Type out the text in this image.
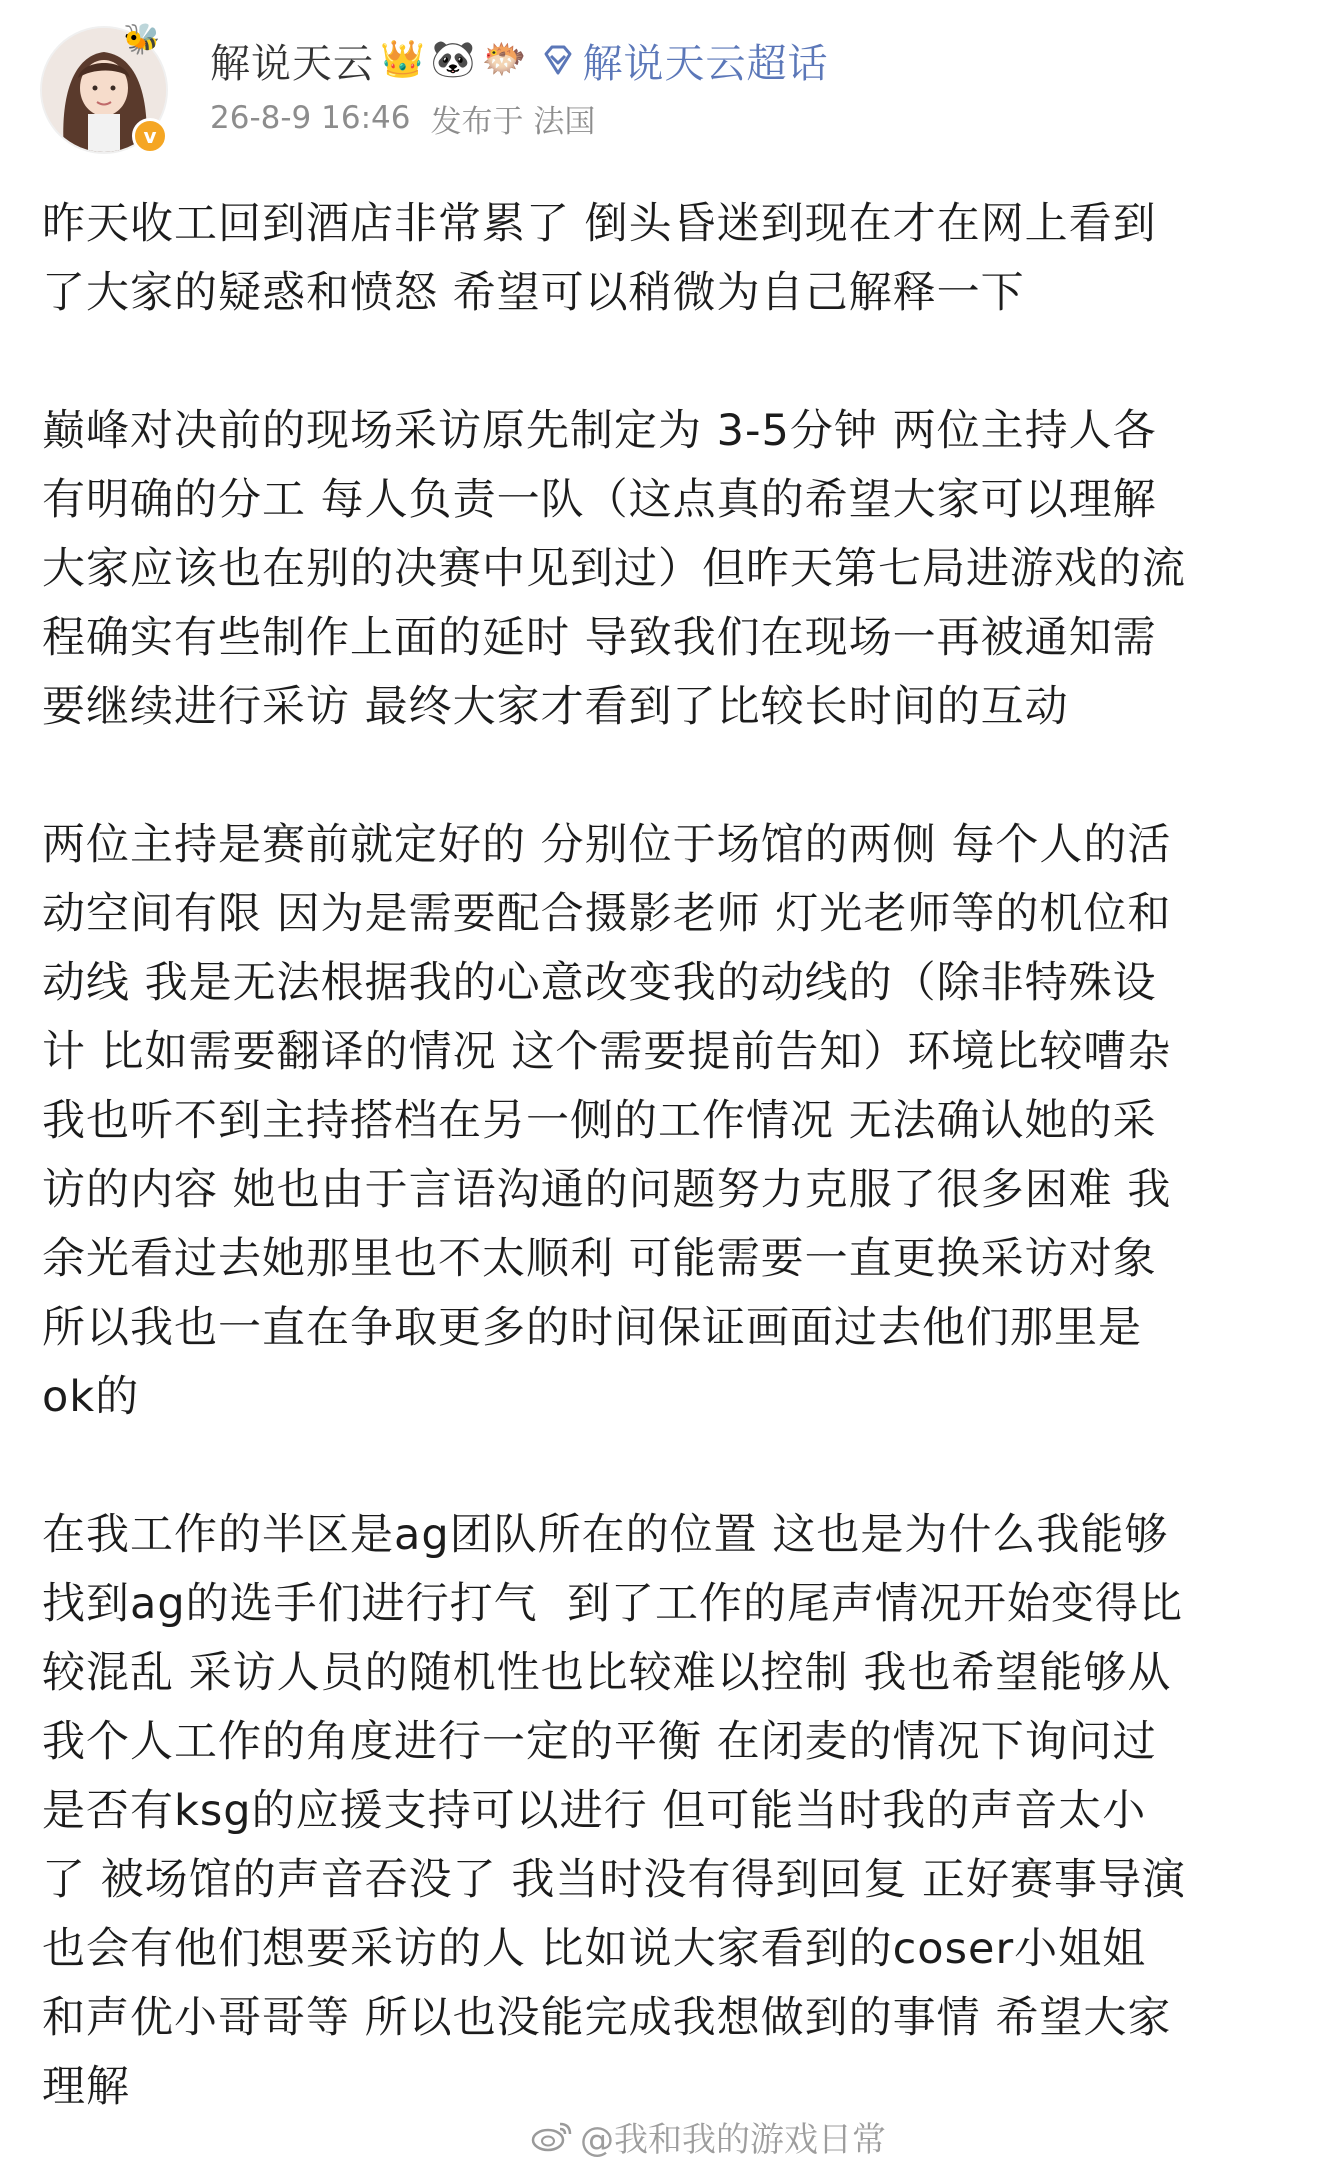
🐝
v
解说天云 👑 🐼 🐡 解说天云超话
26-8-9 16:46 发布于 法国

昨天收工回到酒店非常累了 倒头昏迷到现在才在网上看到
了大家的疑惑和愤怒 希望可以稍微为自己解释一下

巅峰对决前的现场采访原先制定为 3-5分钟 两位主持人各
有明确的分工 每人负责一队（这点真的希望大家可以理解
大家应该也在别的决赛中见到过）但昨天第七局进游戏的流
程确实有些制作上面的延时 导致我们在现场一再被通知需
要继续进行采访 最终大家才看到了比较长时间的互动

两位主持是赛前就定好的 分别位于场馆的两侧 每个人的活
动空间有限 因为是需要配合摄影老师 灯光老师等的机位和
动线 我是无法根据我的心意改变我的动线的（除非特殊设
计 比如需要翻译的情况 这个需要提前告知）环境比较嘈杂
我也听不到主持搭档在另一侧的工作情况 无法确认她的采
访的内容 她也由于言语沟通的问题努力克服了很多困难 我
余光看过去她那里也不太顺利 可能需要一直更换采访对象
所以我也一直在争取更多的时间保证画面过去他们那里是
ok的

在我工作的半区是ag团队所在的位置 这也是为什么我能够
找到ag的选手们进行打气  到了工作的尾声情况开始变得比
较混乱 采访人员的随机性也比较难以控制 我也希望能够从
我个人工作的角度进行一定的平衡 在闭麦的情况下询问过
是否有ksg的应援支持可以进行 但可能当时我的声音太小
了 被场馆的声音吞没了 我当时没有得到回复 正好赛事导演
也会有他们想要采访的人 比如说大家看到的coser小姐姐
和声优小哥哥等 所以也没能完成我想做到的事情 希望大家
理解

@我和我的游戏日常
